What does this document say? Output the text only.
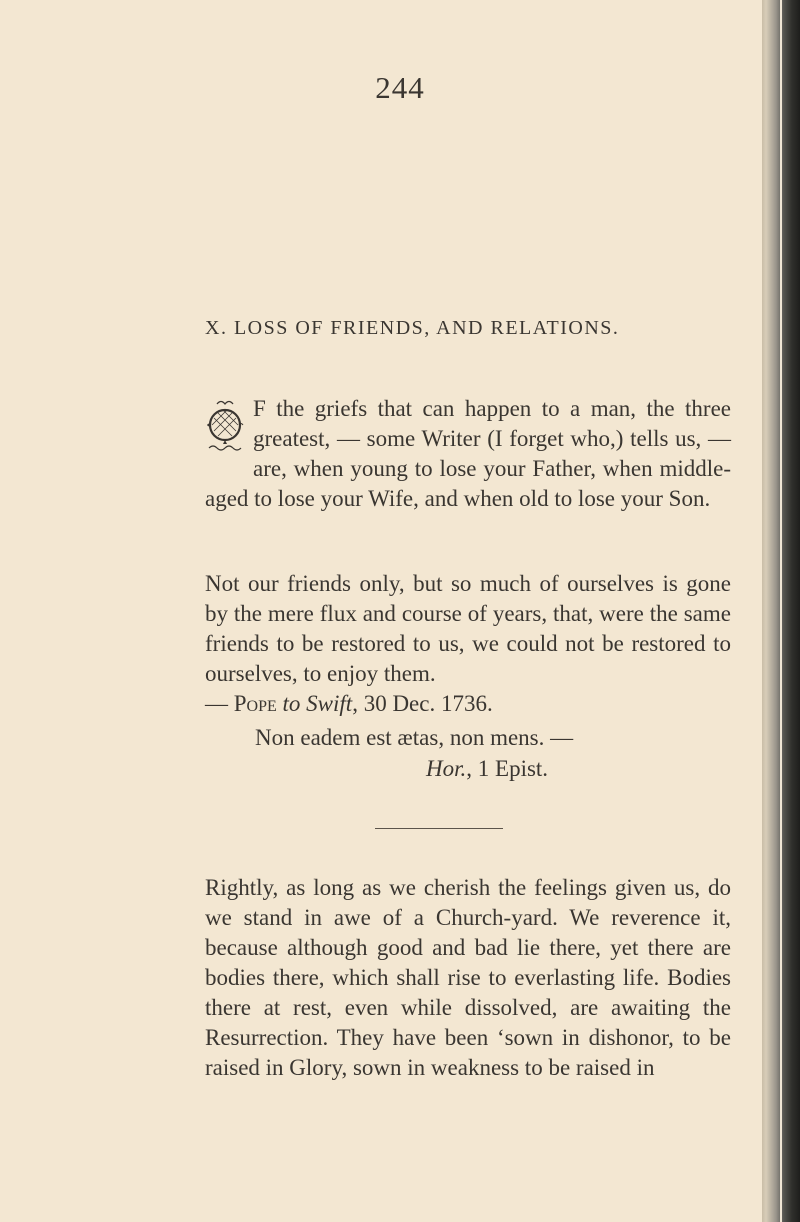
244
X. LOSS OF FRIENDS, AND RELATIONS.
F the griefs that can happen to a man, the three greatest, — some Writer (I forget who,) tells us, — are, when young to lose your Father, when middle-aged to lose your Wife, and when old to lose your Son.
Not our friends only, but so much of ourselves is gone by the mere flux and course of years, that, were the same friends to be restored to us, we could not be restored to ourselves, to enjoy them.
— Pope to Swift, 30 Dec. 1736.
Non eadem est ætas, non mens. —
Hor., 1 Epist.
Rightly, as long as we cherish the feelings given us, do we stand in awe of a Church-yard. We reverence it, because although good and bad lie there, yet there are bodies there, which shall rise to everlasting life. Bodies there at rest, even while dissolved, are awaiting the Resurrection. They have been ‘sown in dishonor, to be raised in Glory, sown in weakness to be raised in
